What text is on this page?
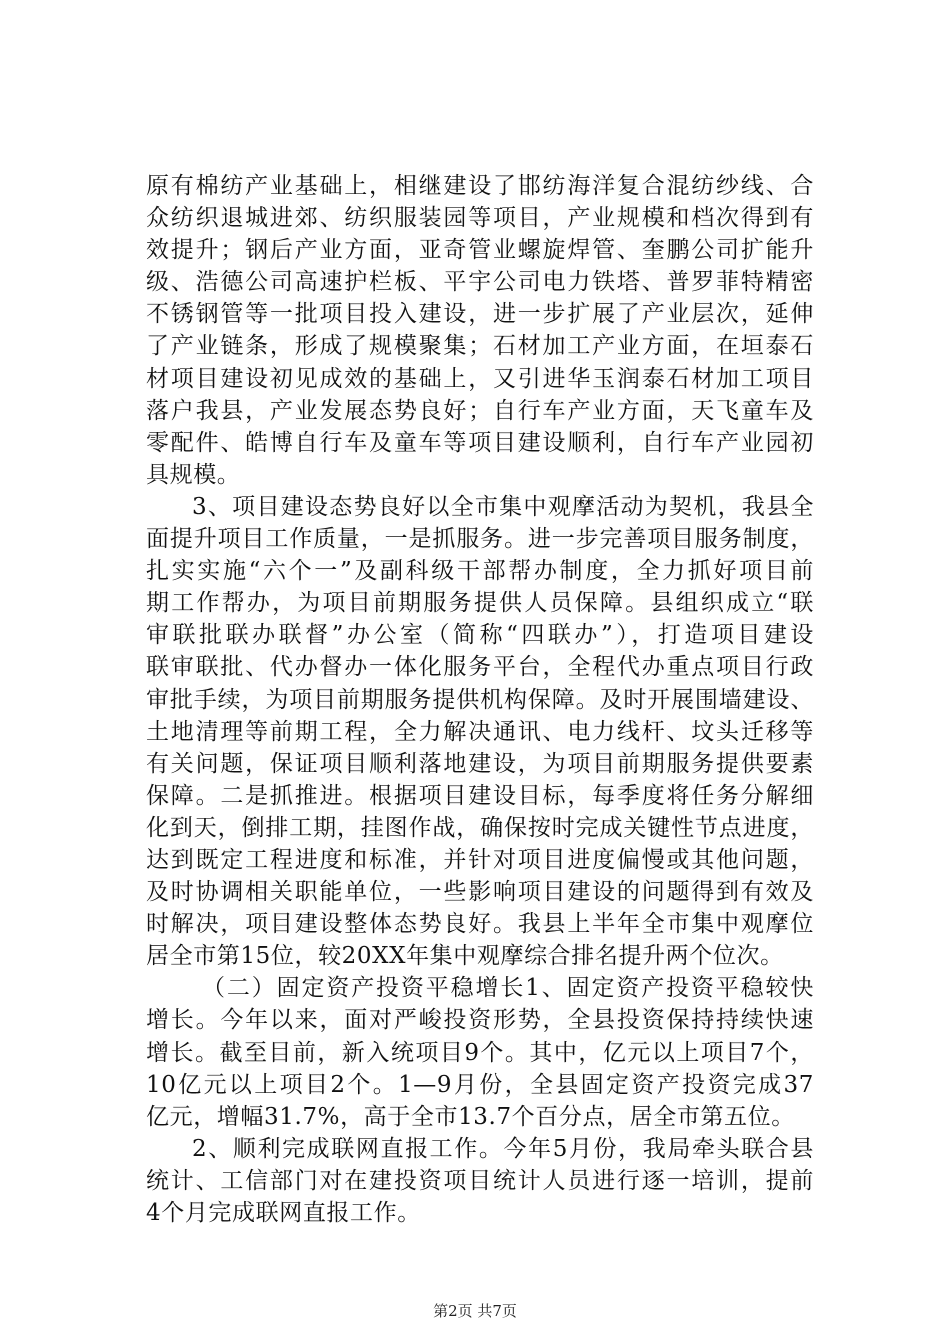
原有棉纺产业基础上，相继建设了邯纺海洋复合混纺纱线、合
众纺织退城进郊、纺织服装园等项目，产业规模和档次得到有
效提升；钢后产业方面，亚奇管业螺旋焊管、奎鹏公司扩能升
级、浩德公司高速护栏板、平宇公司电力铁塔、普罗菲特精密
不锈钢管等一批项目投入建设，进一步扩展了产业层次，延伸
了产业链条，形成了规模聚集；石材加工产业方面，在垣泰石
材项目建设初见成效的基础上，又引进华玉润泰石材加工项目
落户我县，产业发展态势良好；自行车产业方面，天飞童车及
零配件、皓博自行车及童车等项目建设顺利，自行车产业园初
具规模。
3、项目建设态势良好以全市集中观摩活动为契机，我县全
面提升项目工作质量，一是抓服务。进一步完善项目服务制度，
扎实实施“六个一”及副科级干部帮办制度，全力抓好项目前
期工作帮办，为项目前期服务提供人员保障。县组织成立“联
审联批联办联督”办公室（简称“四联办”），打造项目建设
联审联批、代办督办一体化服务平台，全程代办重点项目行政
审批手续，为项目前期服务提供机构保障。及时开展围墙建设、
土地清理等前期工程，全力解决通讯、电力线杆、坟头迁移等
有关问题，保证项目顺利落地建设，为项目前期服务提供要素
保障。二是抓推进。根据项目建设目标，每季度将任务分解细
化到天，倒排工期，挂图作战，确保按时完成关键性节点进度，
达到既定工程进度和标准，并针对项目进度偏慢或其他问题，
及时协调相关职能单位，一些影响项目建设的问题得到有效及
时解决，项目建设整体态势良好。我县上半年全市集中观摩位
居全市第15位，较20XX年集中观摩综合排名提升两个位次。
（二）固定资产投资平稳增长1、固定资产投资平稳较快
增长。今年以来，面对严峻投资形势，全县投资保持持续快速
增长。截至目前，新入统项目9个。其中，亿元以上项目7个，
10亿元以上项目2个。1—9月份，全县固定资产投资完成37
亿元，增幅31.7%，高于全市13.7个百分点，居全市第五位。
2、顺利完成联网直报工作。今年5月份，我局牵头联合县
统计、工信部门对在建投资项目统计人员进行逐一培训，提前
4个月完成联网直报工作。
第2页 共7页
